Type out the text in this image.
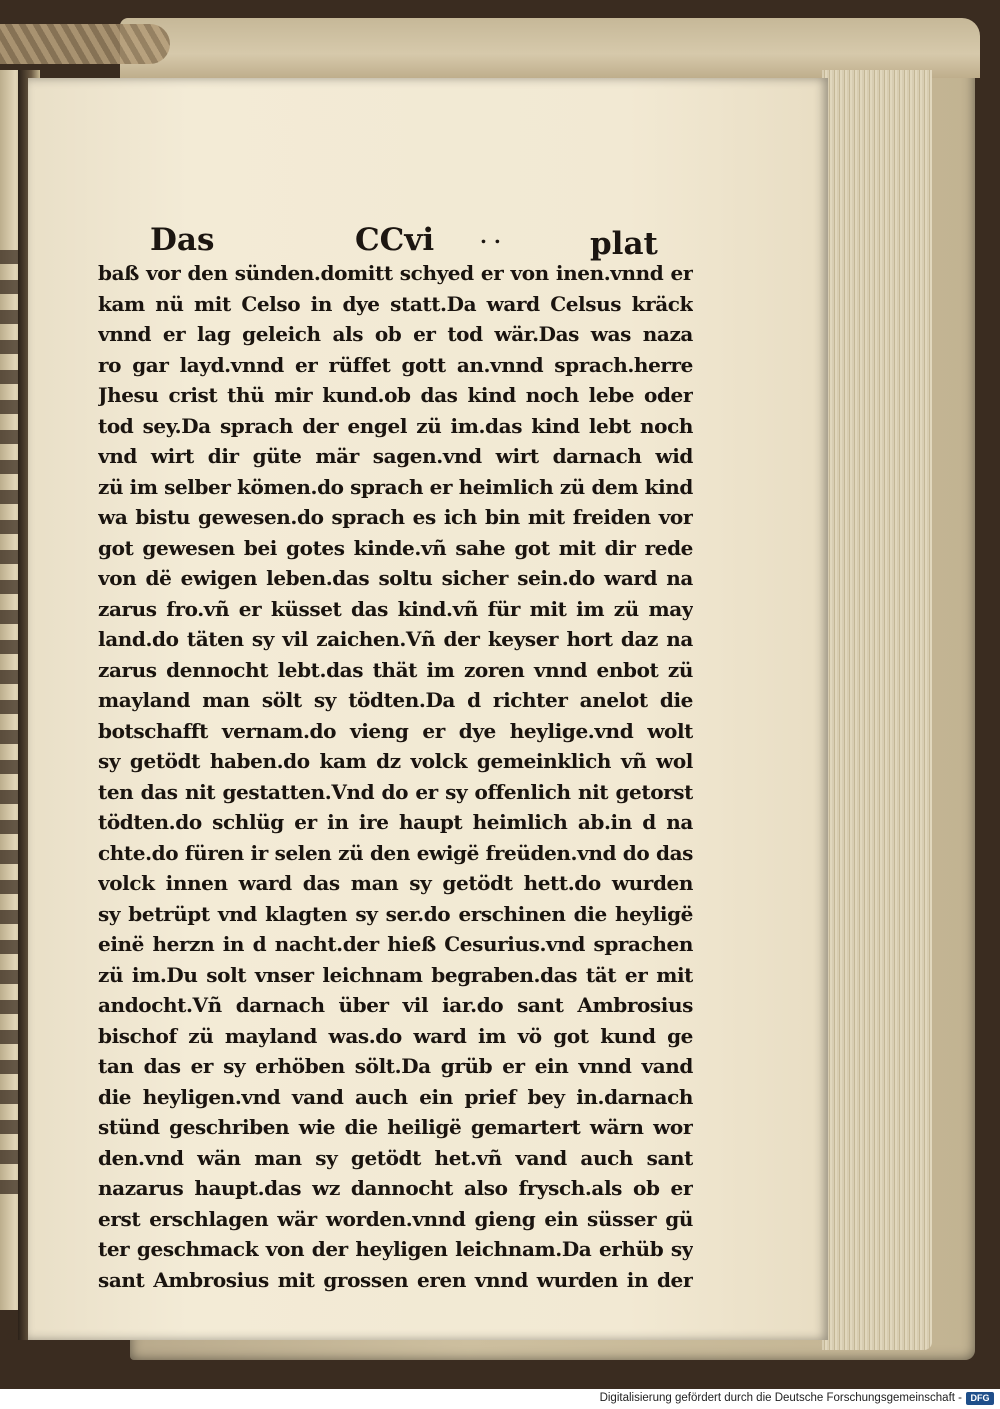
Das	CCvi . .	plat
baß vor den sünden.domitt schyed er von inen.vnnd er
kam nü mit Celso in dye statt.Da ward Celsus kräck
vnnd er lag geleich als ob er tod wär.Das was naza
ro gar layd.vnnd er rüffet gott an.vnnd sprach.herre
Jhesu crist thü mir kund.ob das kind noch lebe oder
tod sey.Da sprach der engel zü im.das kind lebt noch
vnd wirt dir güte mär sagen.vnd wirt darnach wid
zü im selber kömen.do sprach er heimlich zü dem kind
wa bistu gewesen.do sprach es ich bin mit freiden vor
got gewesen bei gotes kinde.vñ sahe got mit dir rede
von dë ewigen leben.das soltu sicher sein.do ward na
zarus fro.vñ er küsset das kind.vñ für mit im zü may
land.do täten sy vil zaichen.Vñ der keyser hort daz na
zarus dennocht lebt.das thät im zoren vnnd enbot zü
mayland man sölt sy tödten.Da d richter anelot die
botschafft vernam.do vieng er dye heylige.vnd wolt
sy getödt haben.do kam dz volck gemeinklich vñ wol
ten das nit gestatten.Vnd do er sy offenlich nit getorst
tödten.do schlüg er in ire haupt heimlich ab.in d na
chte.do füren ir selen zü den ewigë freüden.vnd do das
volck innen ward das man sy getödt hett.do wurden
sy betrüpt vnd klagten sy ser.do erschinen die heyligë
einë herzn in d nacht.der hieß Cesurius.vnd sprachen
zü im.Du solt vnser leichnam begraben.das tät er mit
andocht.Vñ darnach über vil iar.do sant Ambrosius
bischof zü mayland was.do ward im vö got kund ge
tan das er sy erhöben sölt.Da grüb er ein vnnd vand
die heyligen.vnd vand auch ein prief bey in.darnach
stünd geschriben wie die heiligë gemartert wärn wor
den.vnd wän man sy getödt het.vñ vand auch sant
nazarus haupt.das wz dannocht also frysch.als ob er
erst erschlagen wär worden.vnnd gieng ein süsser gü
ter geschmack von der heyligen leichnam.Da erhüb sy
sant Ambrosius mit grossen eren vnnd wurden in der
Digitalisierung gefördert durch die Deutsche Forschungsgemeinschaft - DFG
